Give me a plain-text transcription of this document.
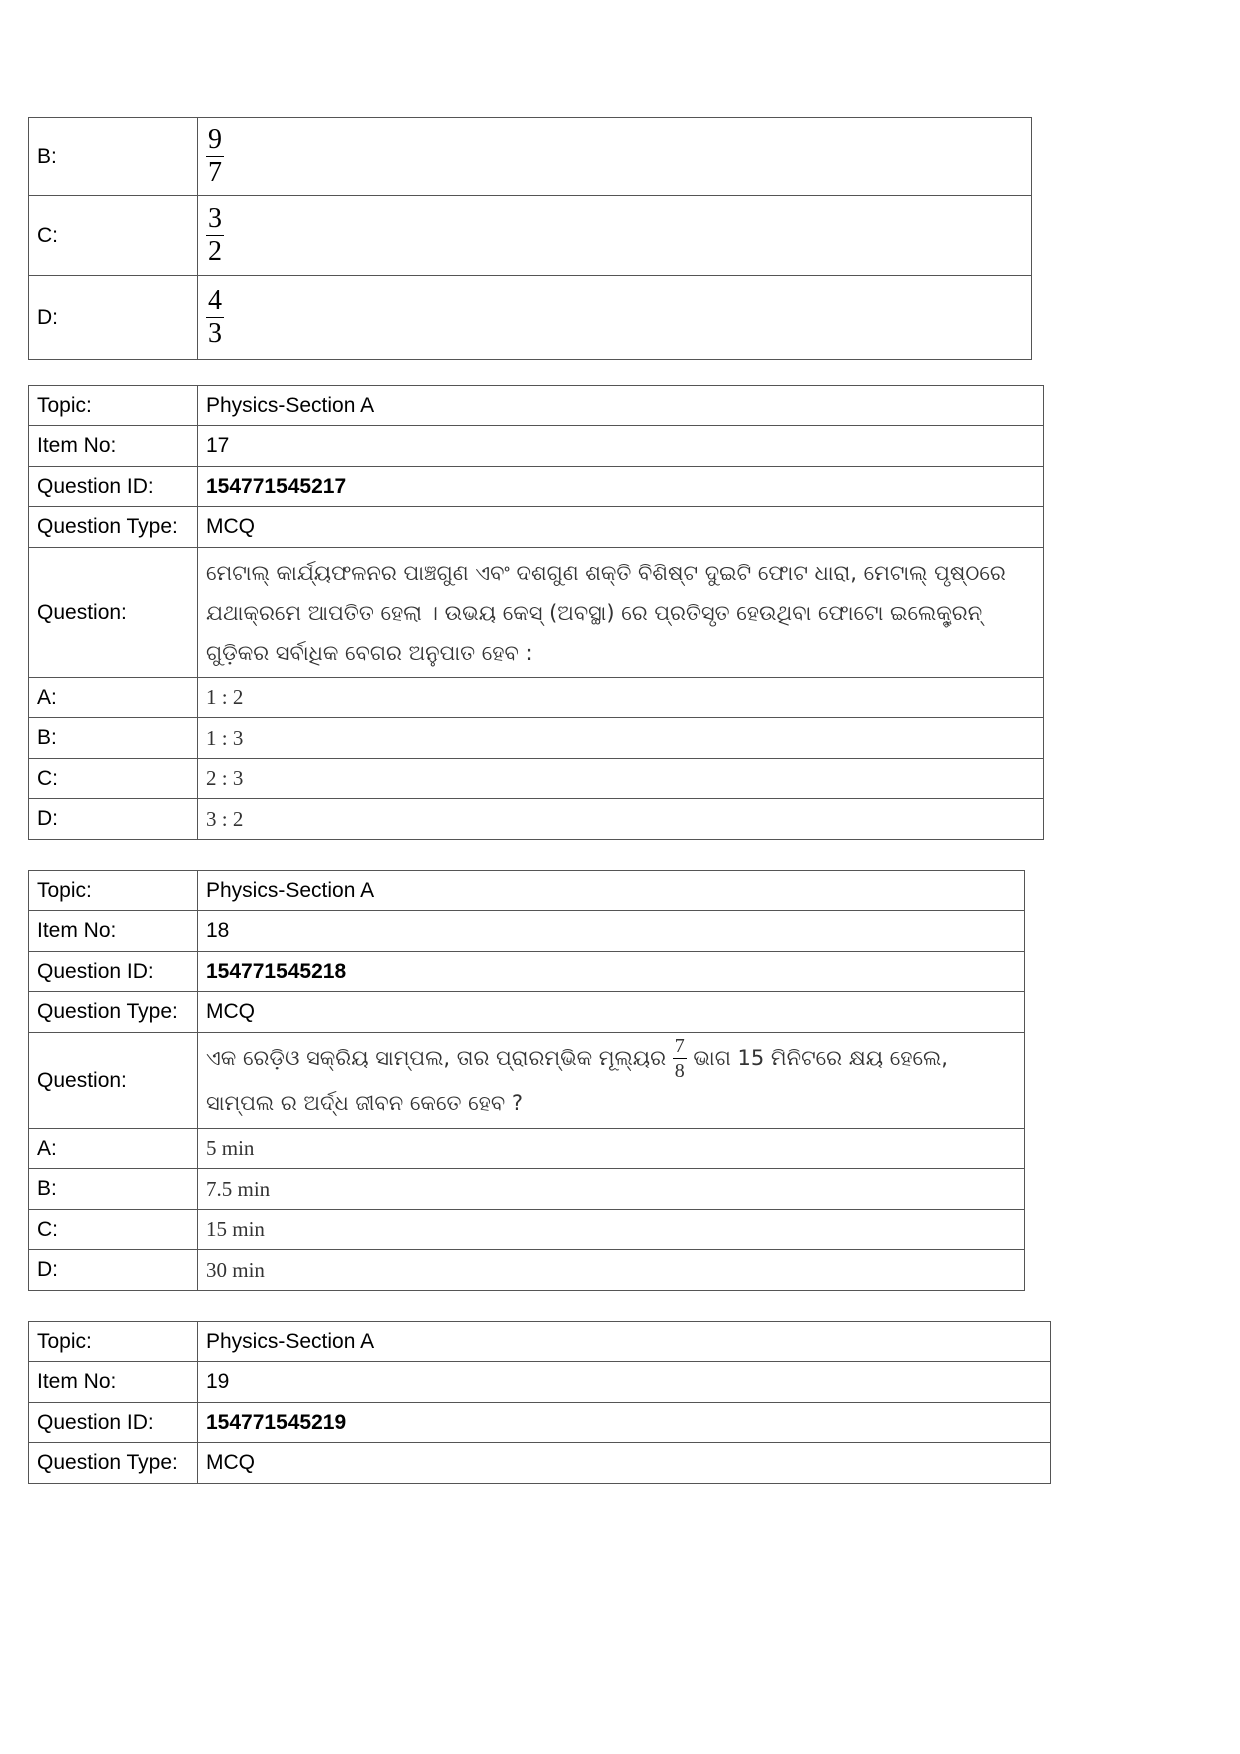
B:	$\frac{9}{7}$

C:	$\frac{3}{2}$

D:	$\frac{4}{3}$
Topic:	Physics-Section A
Item No:	17
Question ID:	154771545217
Question Type:	MCQ
Question:	ମେଟାଲ୍ କାର୍ଯ୍ୟଫଳନର ପାଞ୍ଚଗୁଣ ଏବଂ ଦଶଗୁଣ ଶକ୍ତି ବିଶିଷ୍ଟ ଦୁଇଟି ଫୋଟ ଧାରା, ମେଟାଲ୍ ପୃଷ୍ଠରେ ଯଥାକ୍ରମେ ଆପତିତ ହେଲା । ଉଭୟ କେସ୍ (ଅବସ୍ଥା) ରେ ପ୍ରତିସୃତ ହେଉଥିବା ଫୋଟୋ ଇଲେକ୍ଟ୍ରନ୍ ଗୁଡ଼ିକର ସର୍ବାଧିକ ବେଗର ଅନୁପାତ ହେବ :
A:	1 : 2
B:	1 : 3
C:	2 : 3
D:	3 : 2
Topic:	Physics-Section A
Item No:	18
Question ID:	154771545218
Question Type:	MCQ
Question:	ଏକ ରେଡ଼ିଓ ସକ୍ରିୟ ସାମ୍ପଲ, ତାର ପ୍ରାରମ୍ଭିକ ମୂଲ୍ୟର $\frac{7}{8}$ ଭାଗ 15 ମିନିଟରେ କ୍ଷୟ ହେଲେ, ସାମ୍ପଲ ର ଅର୍ଦ୍ଧ ଜୀବନ କେତେ ହେବ ?
A:	5 min
B:	7.5 min
C:	15 min
D:	30 min
Topic:	Physics-Section A
Item No:	19
Question ID:	154771545219
Question Type:	MCQ
